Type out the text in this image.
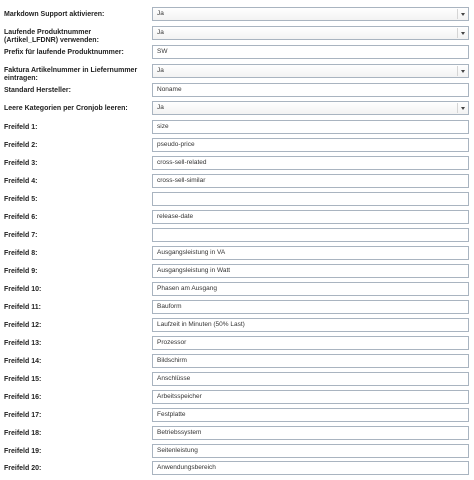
Markdown Support aktivieren:	Ja
Laufende Produktnummer (Artikel_LFDNR) verwenden:
Ja
Prefix für laufende Produktnummer:	SW
Faktura Artikelnummer in Liefernummer eintragen:
Ja
Standard Hersteller:	Noname
Leere Kategorien per Cronjob leeren:	Ja
Freifeld 1:	size
Freifeld 2:	pseudo-price
Freifeld 3:	cross-sell-related
Freifeld 4:	cross-sell-similar
Freifeld 5:
Freifeld 6:	release-date
Freifeld 7:
Freifeld 8:	Ausgangsleistung in VA
Freifeld 9:	Ausgangsleistung in Watt
Freifeld 10:	Phasen am Ausgang
Freifeld 11:	Bauform
Freifeld 12:	Laufzeit in Minuten (50% Last)
Freifeld 13:	Prozessor
Freifeld 14:	Bildschirm
Freifeld 15:	Anschlüsse
Freifeld 16:	Arbeitsspeicher
Freifeld 17:	Festplatte
Freifeld 18:	Betriebssystem
Freifeld 19:	Seitenleistung
Freifeld 20:	Anwendungsbereich
